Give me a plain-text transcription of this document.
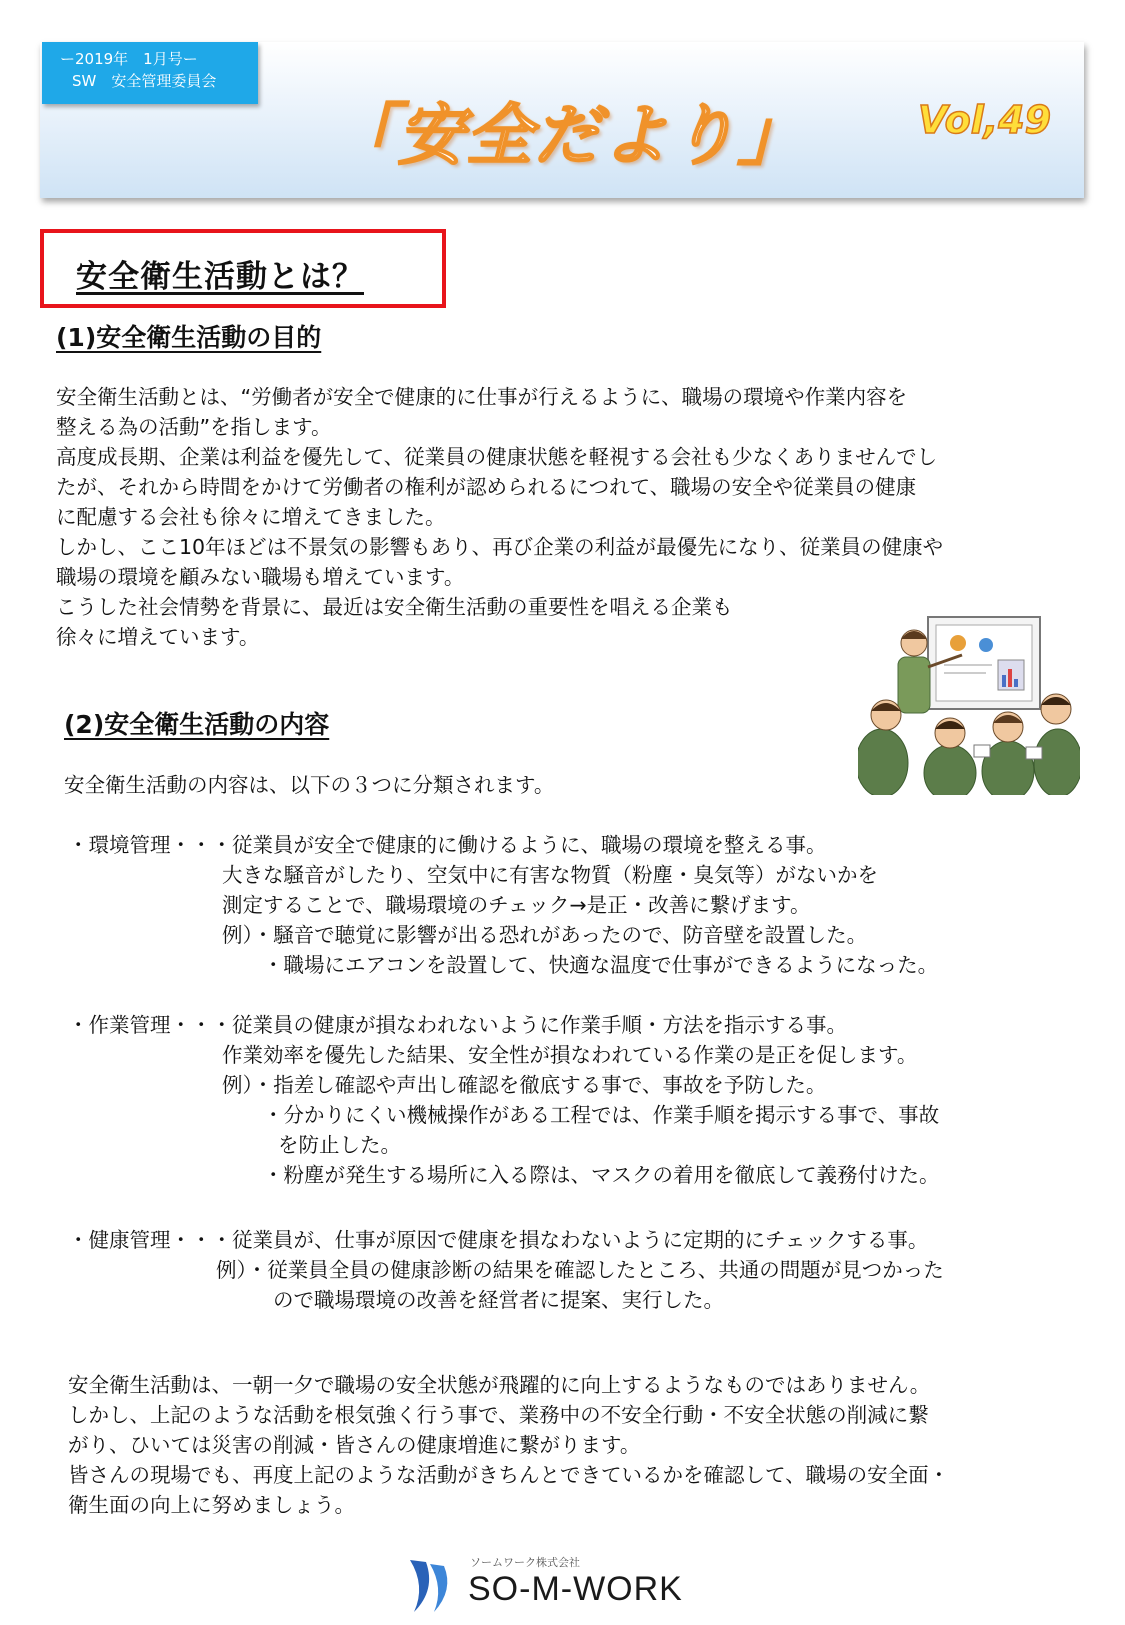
ー2019年　1月号ー
SW　安全管理委員会
「安全だより」	Vol,49
安全衛生活動とは？
(1)安全衛生活動の目的
安全衛生活動とは、“労働者が安全で健康的に仕事が行えるように、職場の環境や作業内容を
整える為の活動”を指します。
高度成長期、企業は利益を優先して、従業員の健康状態を軽視する会社も少なくありませんでし
たが、それから時間をかけて労働者の権利が認められるにつれて、職場の安全や従業員の健康
に配慮する会社も徐々に増えてきました。
しかし、ここ10年ほどは不景気の影響もあり、再び企業の利益が最優先になり、従業員の健康や
職場の環境を顧みない職場も増えています。
こうした社会情勢を背景に、最近は安全衛生活動の重要性を唱える企業も
徐々に増えています。
(2)安全衛生活動の内容
安全衛生活動の内容は、以下の３つに分類されます。
・環境管理・・・従業員が安全で健康的に働けるように、職場の環境を整える事。
大きな騒音がしたり、空気中に有害な物質（粉塵・臭気等）がないかを
測定することで、職場環境のチェック→是正・改善に繋げます。
例）・騒音で聴覚に影響が出る恐れがあったので、防音壁を設置した。
・職場にエアコンを設置して、快適な温度で仕事ができるようになった。
・作業管理・・・従業員の健康が損なわれないように作業手順・方法を指示する事。
作業効率を優先した結果、安全性が損なわれている作業の是正を促します。
例）・指差し確認や声出し確認を徹底する事で、事故を予防した。
・分かりにくい機械操作がある工程では、作業手順を掲示する事で、事故
を防止した。
・粉塵が発生する場所に入る際は、マスクの着用を徹底して義務付けた。
・健康管理・・・従業員が、仕事が原因で健康を損なわないように定期的にチェックする事。
例）・従業員全員の健康診断の結果を確認したところ、共通の問題が見つかった
ので職場環境の改善を経営者に提案、実行した。
安全衛生活動は、一朝一夕で職場の安全状態が飛躍的に向上するようなものではありません。
しかし、上記のような活動を根気強く行う事で、業務中の不安全行動・不安全状態の削減に繋
がり、ひいては災害の削減・皆さんの健康増進に繋がります。
皆さんの現場でも、再度上記のような活動がきちんとできているかを確認して、職場の安全面・
衛生面の向上に努めましょう。
ソームワーク株式会社
SO-M-WORK
